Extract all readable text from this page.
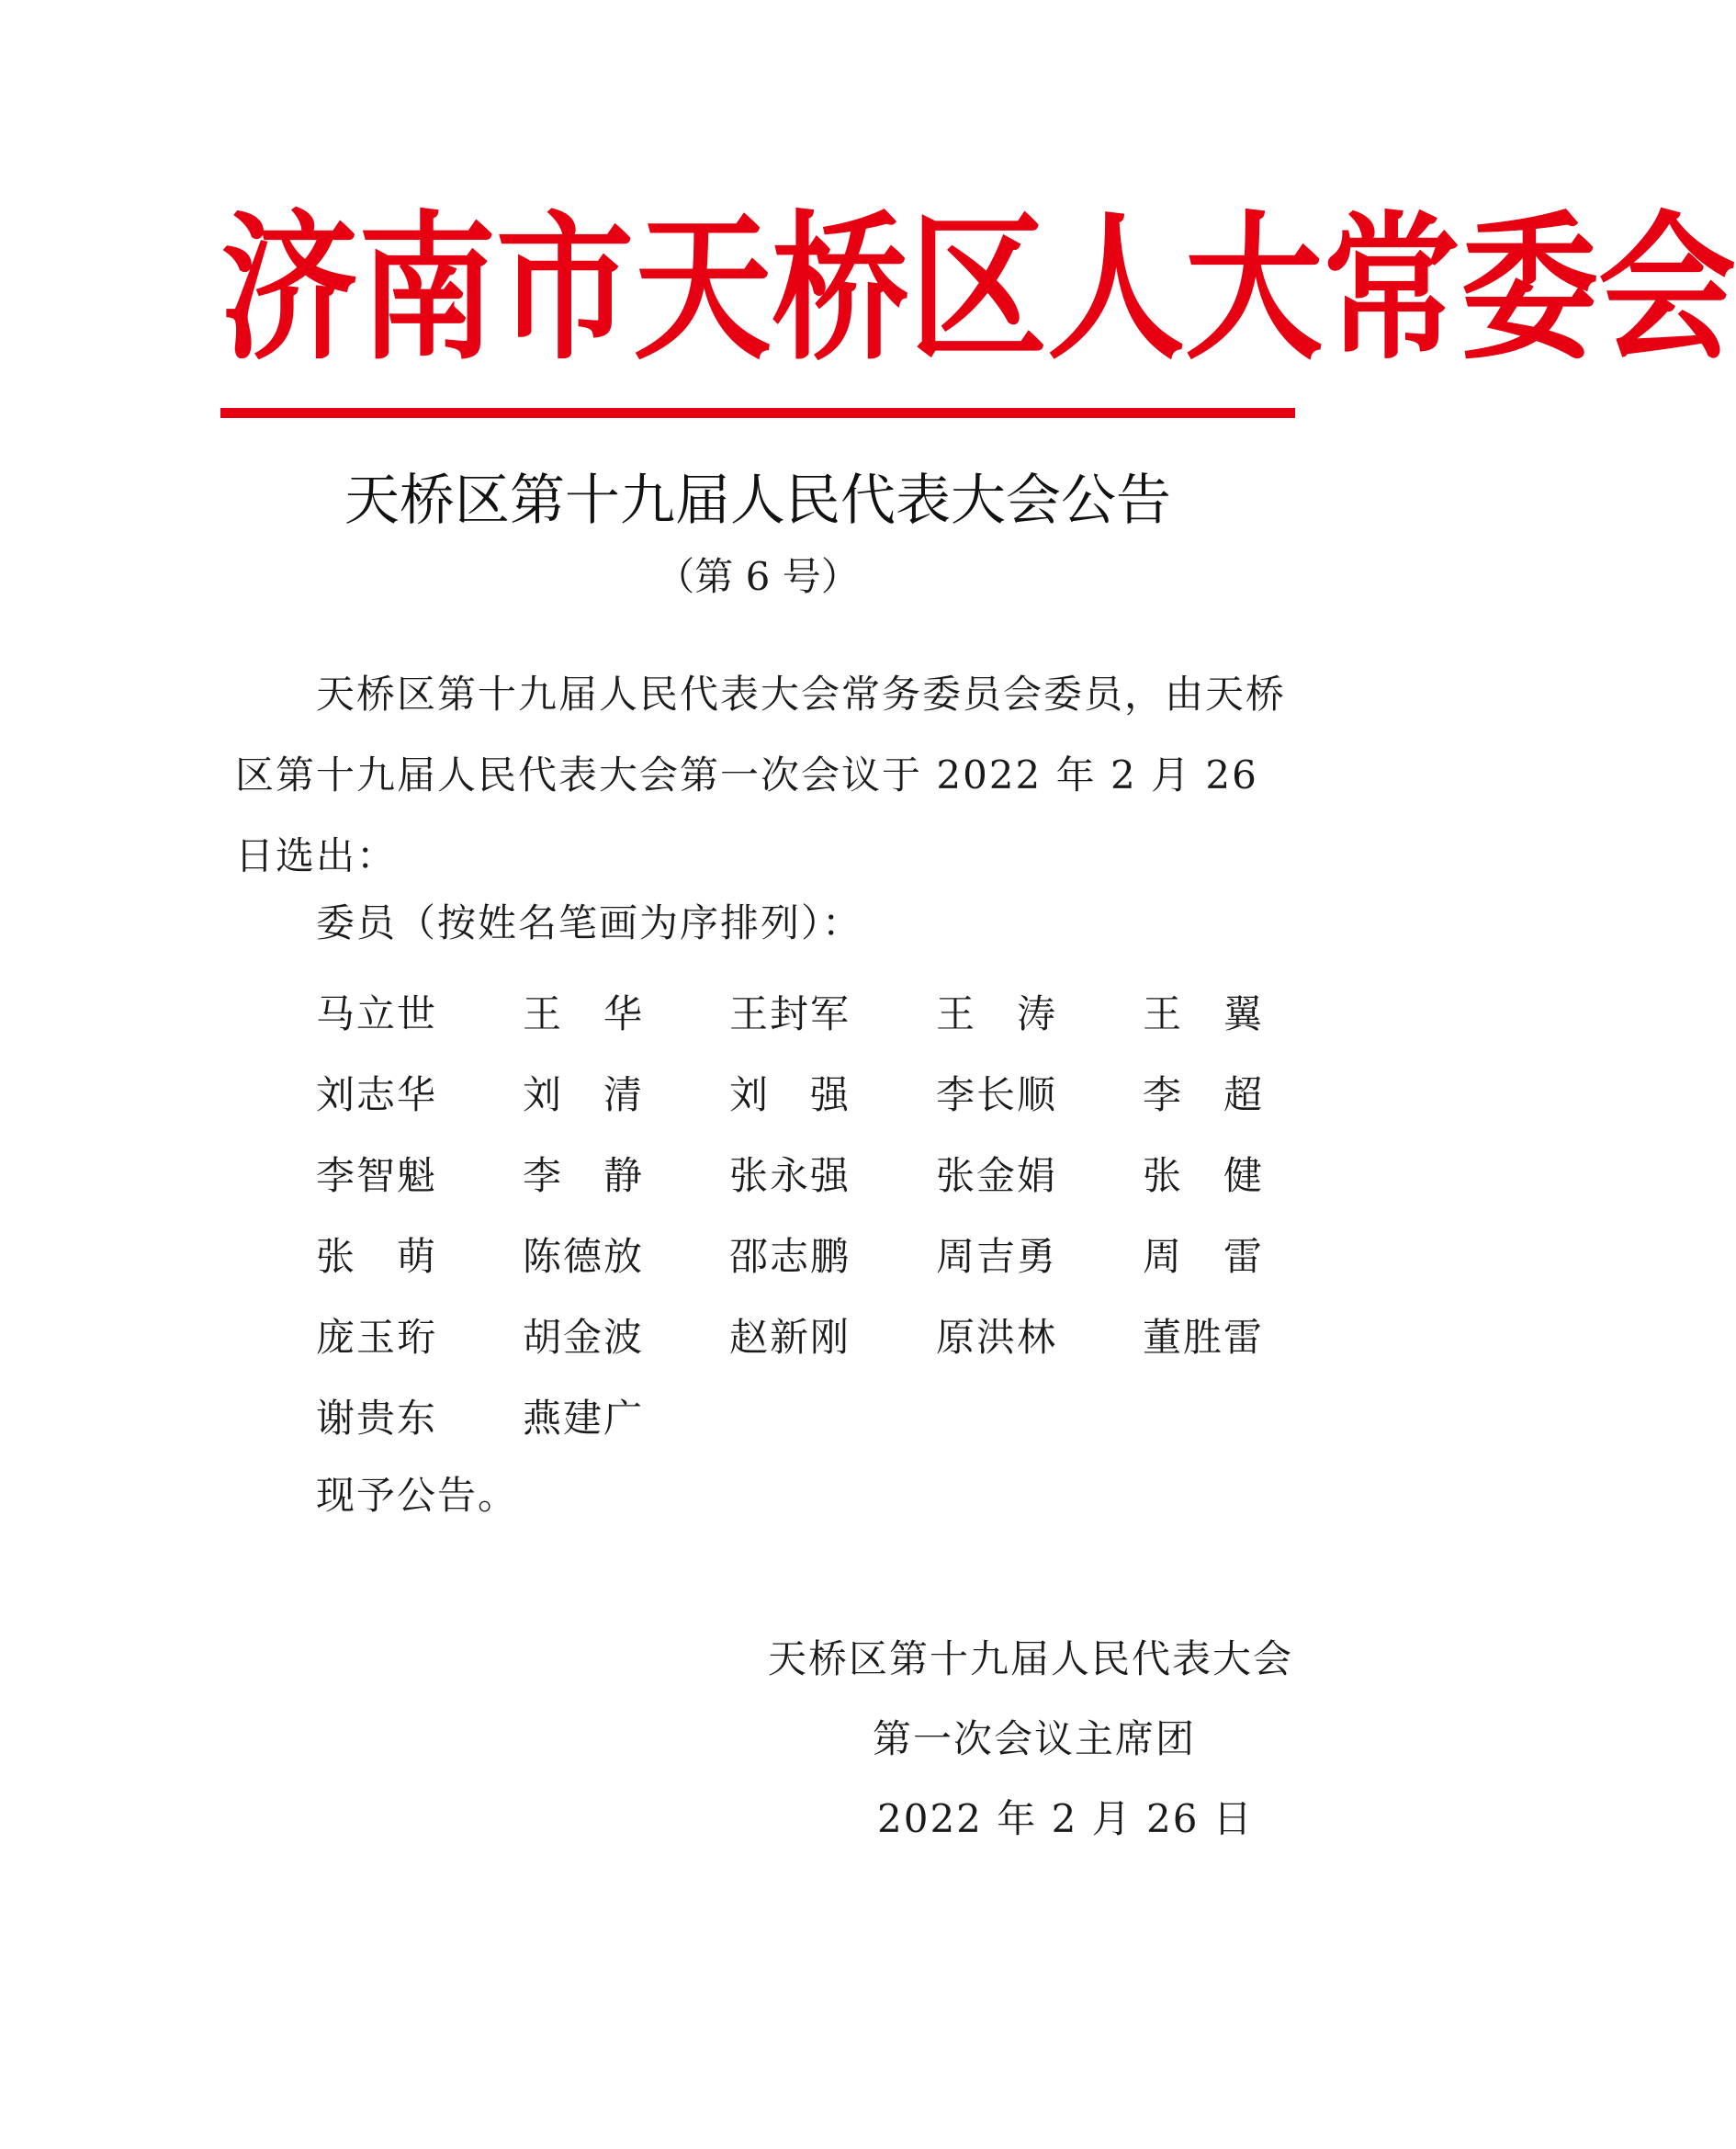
济南市天桥区人大常委会
天桥区第十九届人民代表大会公告
（第 6 号）
天桥区第十九届人民代表大会常务委员会委员，由天桥区第十九届人民代表大会第一次会议于 2022 年 2 月 26 日选出：
委员（按姓名笔画为序排列）：
马立世	王　华	王封军	王　涛	王　翼
刘志华	刘　清	刘　强	李长顺	李　超
李智魁	李　静	张永强	张金娟	张　健
张　萌	陈德放	邵志鹏	周吉勇	周　雷
庞玉珩	胡金波	赵新刚	原洪林	董胜雷
谢贵东	燕建广
现予公告。
天桥区第十九届人民代表大会
第一次会议主席团
2022 年 2 月 26 日
